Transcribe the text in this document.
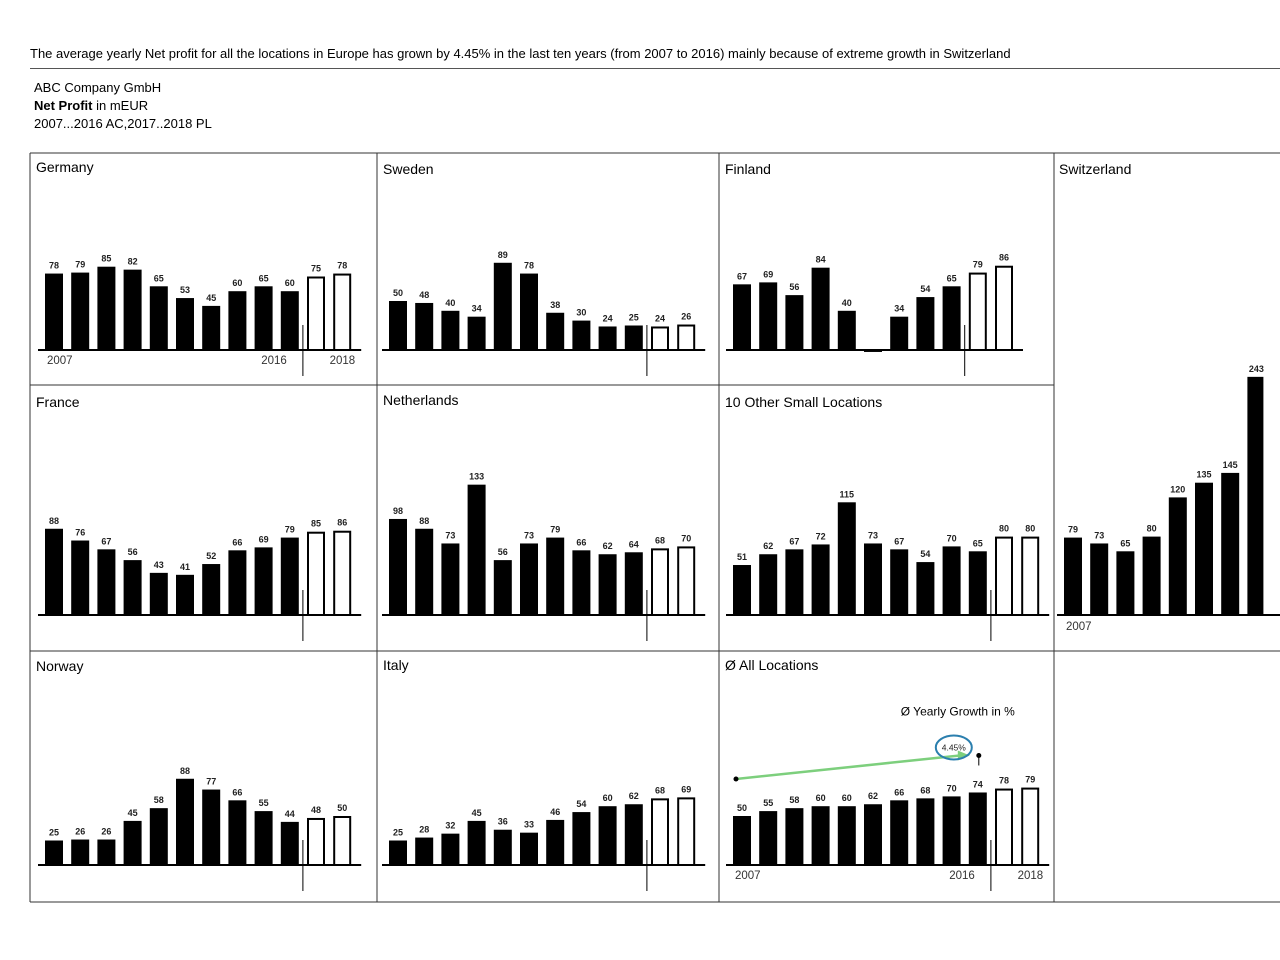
The average yearly Net profit for all the locations in Europe has grown by 4.45% in the last ten years (from 2007 to 2016) mainly because of extreme growth in Switzerland
ABC Company GmbH
Net Profit in mEUR
2007...2016 AC,2017..2018 PL
Germany
78 79
85 82
65
53
45
60 65 60
75 78
2007	2016	2018
Sweden
50 48
40
34
89
78
38
30
24 25 24 26
Finland
67 69
56
84
40
34
54
65
79
86
France
88
76
67
56
43 41
52
66 69
79
85 86
Netherlands
98
88
73
133
56
73
79
66 62 64 68 70
10 Other Small Locations
51
62 67 72
115
73
67
54
70 65
80 80
Switzerland
79
73
65
80
120
135
145
243
2007
Norway
25 26 26
45
58
88
77
66
55
44 48 50
Italy
25 28 32
45
36 33
46
54
60 62
68 69
Ø All Locations
50 55 58 60 60 62 66 68 70 74 78 79
2007	2016	2018
4.45%
Ø Yearly Growth in %
